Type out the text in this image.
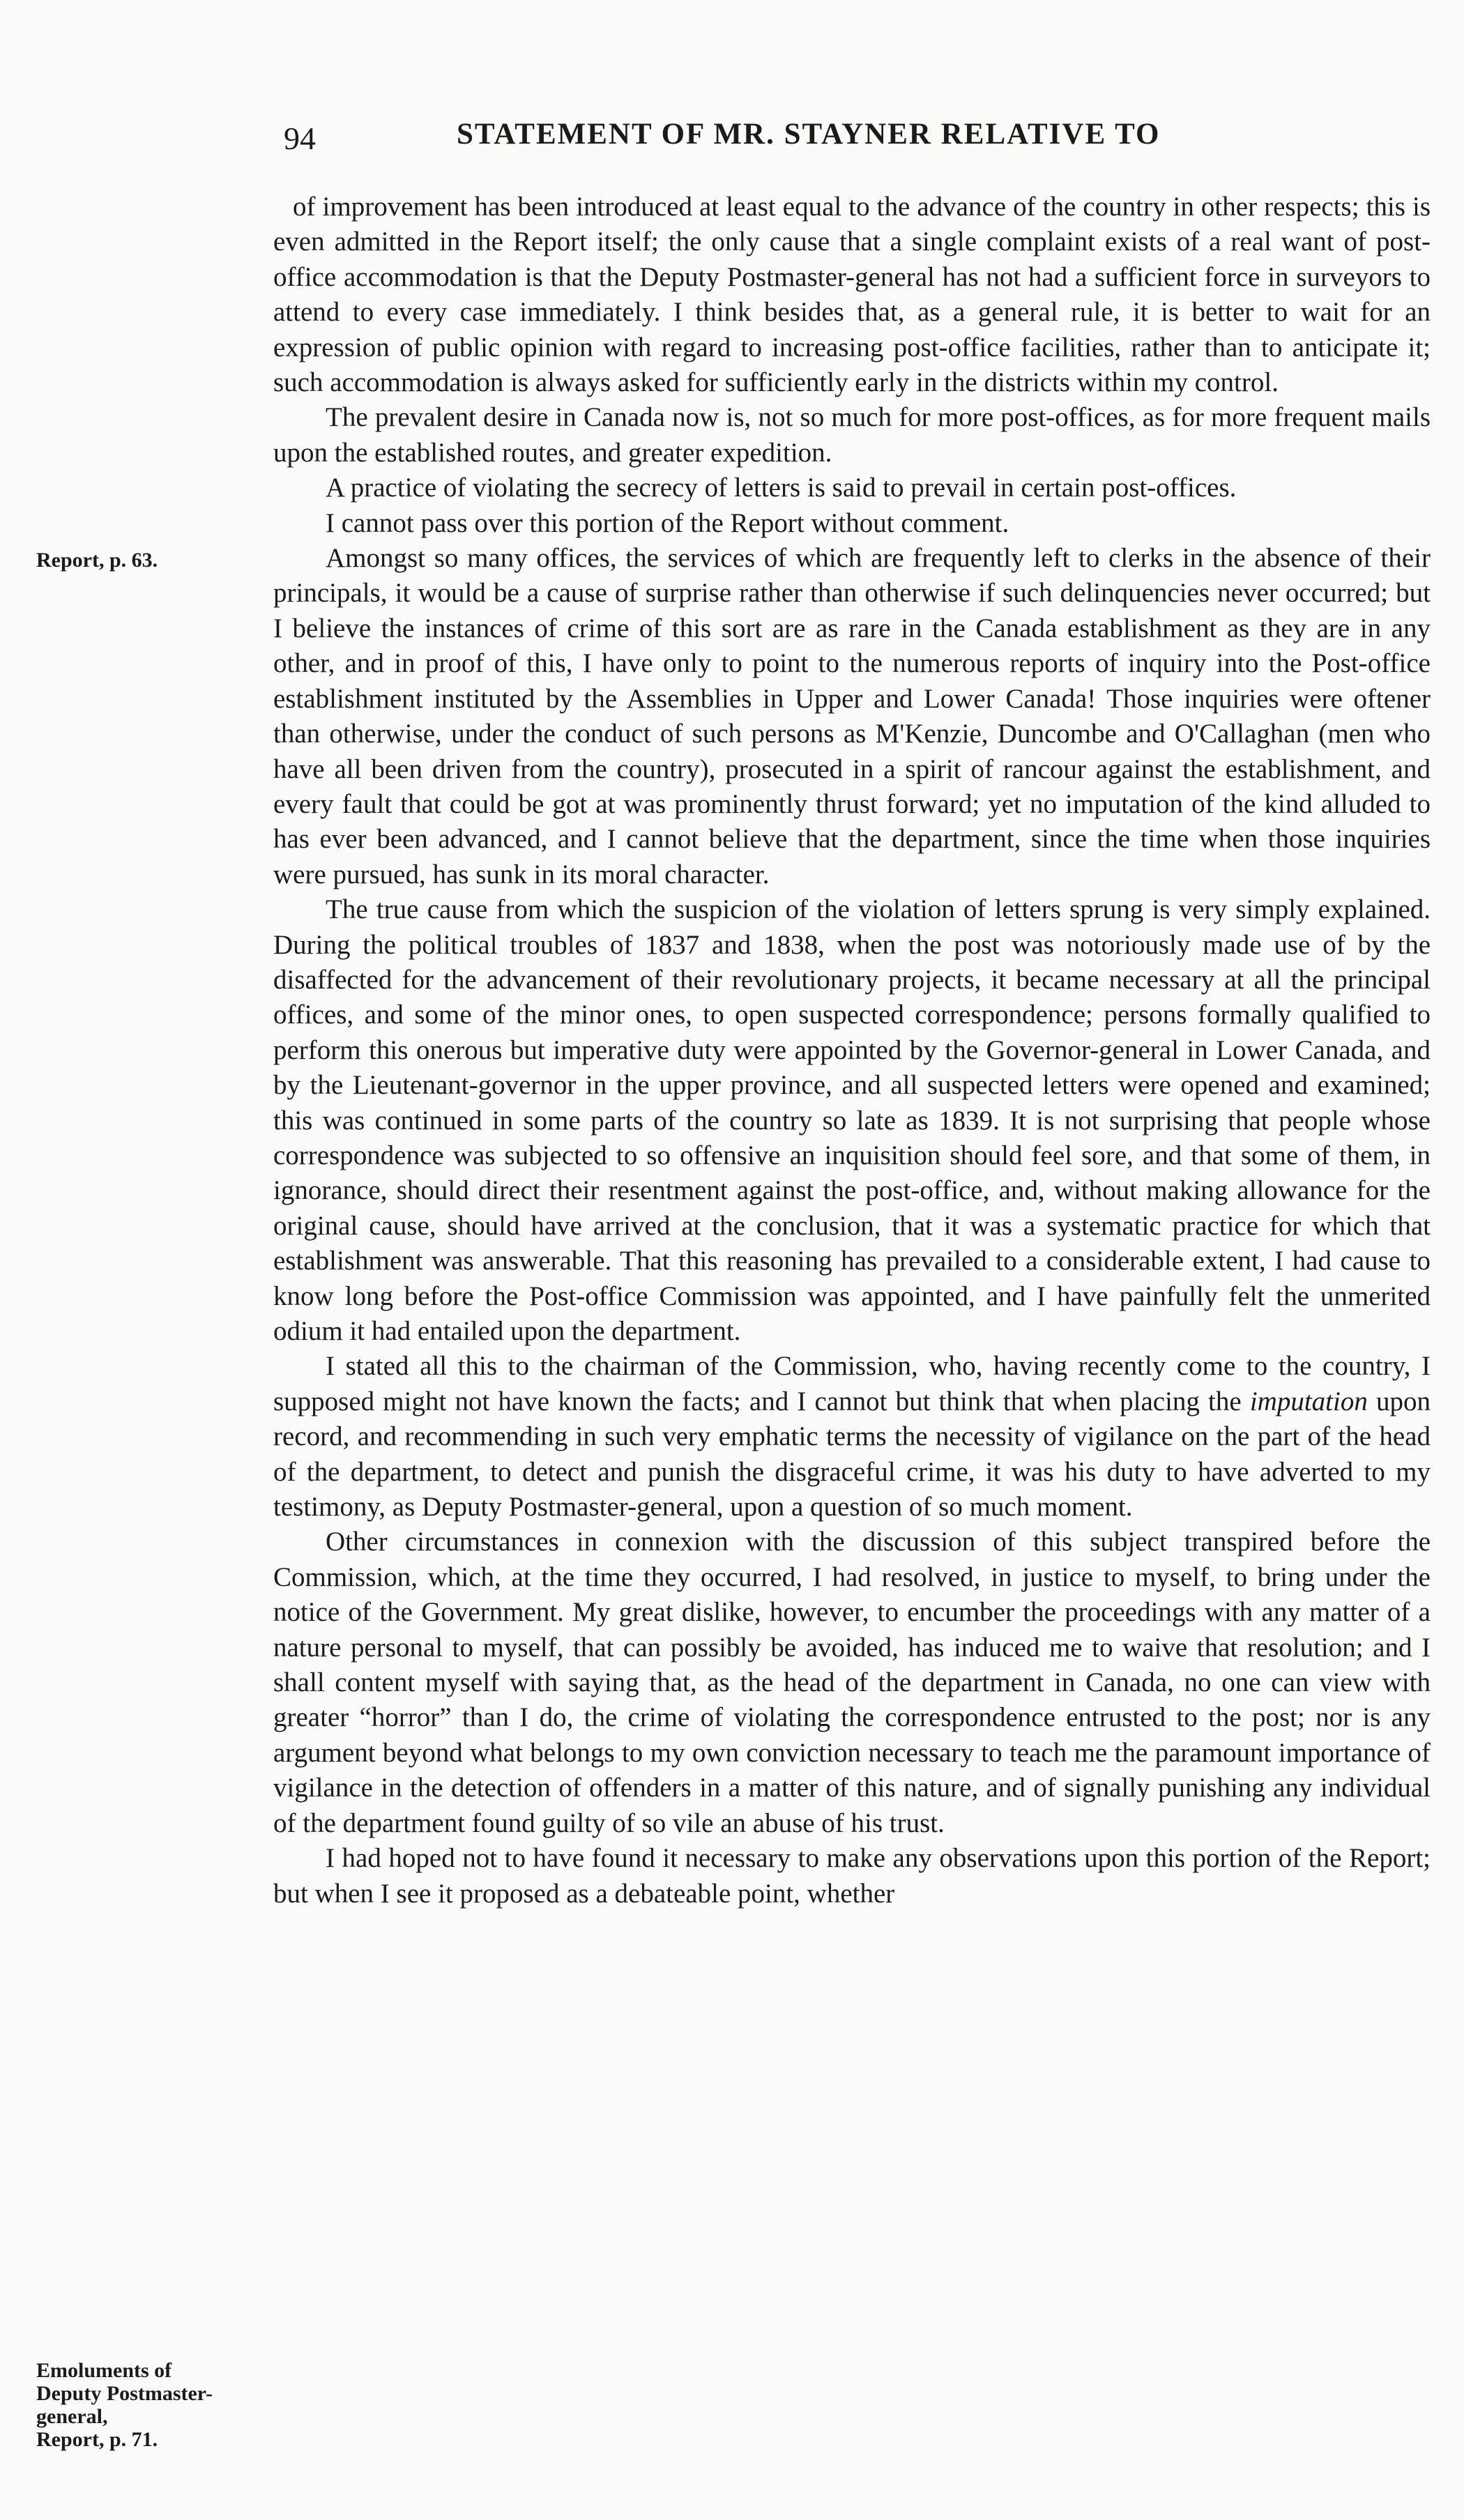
94	STATEMENT OF MR. STAYNER RELATIVE TO
Report, p. 63.
Emoluments of
Deputy Postmaster-
general,
Report, p. 71.

of improvement has been introduced at least equal to the advance of the country in other respects; this is even admitted in the Report itself; the only cause that a single complaint exists of a real want of post-office accommodation is that the Deputy Postmaster-general has not had a sufficient force in surveyors to attend to every case immediately. I think besides that, as a general rule, it is better to wait for an expression of public opinion with regard to increasing post-office facilities, rather than to anticipate it; such accommodation is always asked for sufficiently early in the districts within my control.

The prevalent desire in Canada now is, not so much for more post-offices, as for more frequent mails upon the established routes, and greater expedition.

A practice of violating the secrecy of letters is said to prevail in certain post-offices.

I cannot pass over this portion of the Report without comment.

Amongst so many offices, the services of which are frequently left to clerks in the absence of their principals, it would be a cause of surprise rather than otherwise if such delinquencies never occurred; but I believe the instances of crime of this sort are as rare in the Canada establishment as they are in any other, and in proof of this, I have only to point to the numerous reports of inquiry into the Post-office establishment instituted by the Assemblies in Upper and Lower Canada! Those inquiries were oftener than otherwise, under the conduct of such persons as M'Kenzie, Duncombe and O'Callaghan (men who have all been driven from the country), prosecuted in a spirit of rancour against the establishment, and every fault that could be got at was prominently thrust forward; yet no imputation of the kind alluded to has ever been advanced, and I cannot believe that the department, since the time when those inquiries were pursued, has sunk in its moral character.

The true cause from which the suspicion of the violation of letters sprung is very simply explained. During the political troubles of 1837 and 1838, when the post was notoriously made use of by the disaffected for the advancement of their revolutionary projects, it became necessary at all the principal offices, and some of the minor ones, to open suspected correspondence; persons formally qualified to perform this onerous but imperative duty were appointed by the Governor-general in Lower Canada, and by the Lieutenant-governor in the upper province, and all suspected letters were opened and examined; this was continued in some parts of the country so late as 1839. It is not surprising that people whose correspondence was subjected to so offensive an inquisition should feel sore, and that some of them, in ignorance, should direct their resentment against the post-office, and, without making allowance for the original cause, should have arrived at the conclusion, that it was a systematic practice for which that establishment was answerable. That this reasoning has prevailed to a considerable extent, I had cause to know long before the Post-office Commission was appointed, and I have painfully felt the unmerited odium it had entailed upon the department.

I stated all this to the chairman of the Commission, who, having recently come to the country, I supposed might not have known the facts; and I cannot but think that when placing the imputation upon record, and recommending in such very emphatic terms the necessity of vigilance on the part of the head of the department, to detect and punish the disgraceful crime, it was his duty to have adverted to my testimony, as Deputy Postmaster-general, upon a question of so much moment.

Other circumstances in connexion with the discussion of this subject transpired before the Commission, which, at the time they occurred, I had resolved, in justice to myself, to bring under the notice of the Government. My great dislike, however, to encumber the proceedings with any matter of a nature personal to myself, that can possibly be avoided, has induced me to waive that resolution; and I shall content myself with saying that, as the head of the department in Canada, no one can view with greater “horror” than I do, the crime of violating the correspondence entrusted to the post; nor is any argument beyond what belongs to my own conviction necessary to teach me the paramount importance of vigilance in the detection of offenders in a matter of this nature, and of signally punishing any individual of the department found guilty of so vile an abuse of his trust.

I had hoped not to have found it necessary to make any observations upon this portion of the Report; but when I see it proposed as a debateable point, whether
